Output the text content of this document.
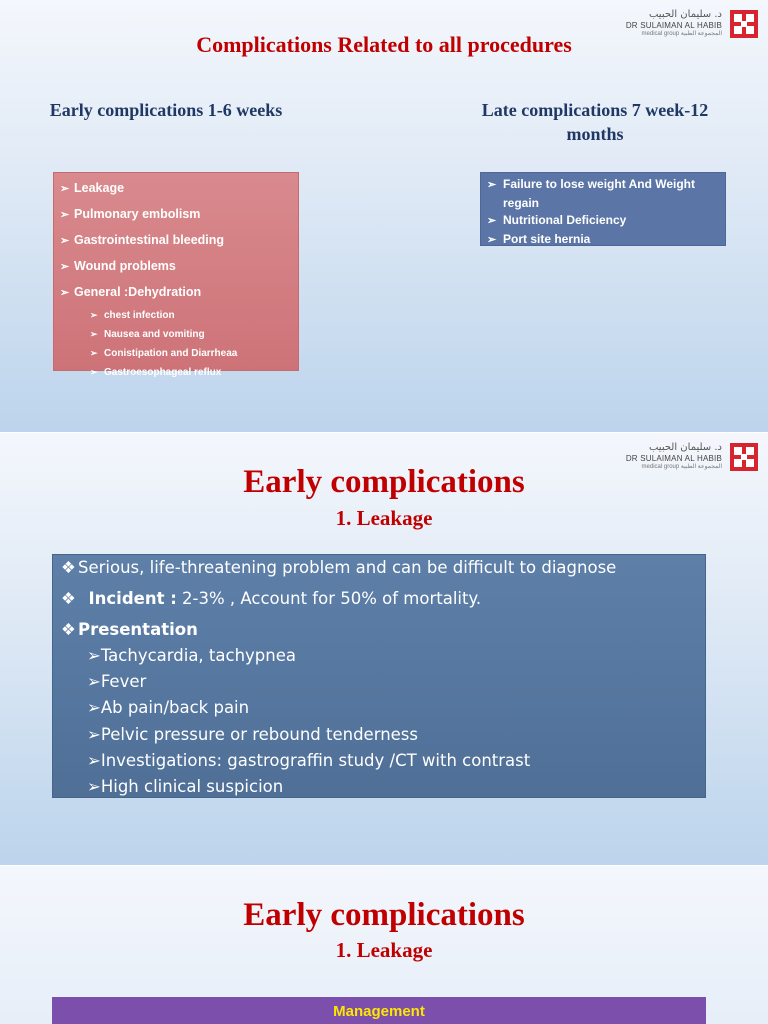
د. سليمان الحبيب
DR SULAIMAN AL HABIB
medical group المجموعة الطبية
Complications Related to all procedures
Early complications 1-6 weeks	Late complications 7 week-12 months
➢ Leakage
➢ Pulmonary embolism
➢ Gastrointestinal bleeding
➢ Wound problems
➢ General :Dehydration
➢ chest infection
➢ Nausea and vomiting
➢ Conistipation and Diarrheaa
➢ Gastroesophageal reflux
➢ Failure to lose weight And Weight regain
➢ Nutritional Deficiency
➢ Port site hernia
د. سليمان الحبيب
DR SULAIMAN AL HABIB
medical group المجموعة الطبية
Early complications
1. Leakage
❖ Serious, life-threatening problem and can be difficult to diagnose
❖ Incident : 2-3% , Account for 50% of mortality.
❖ Presentation
➢Tachycardia, tachypnea
➢Fever
➢Ab pain/back pain
➢Pelvic pressure or rebound tenderness
➢Investigations: gastrograffin study /CT with contrast
➢High clinical suspicion
Early complications
1. Leakage
Management
